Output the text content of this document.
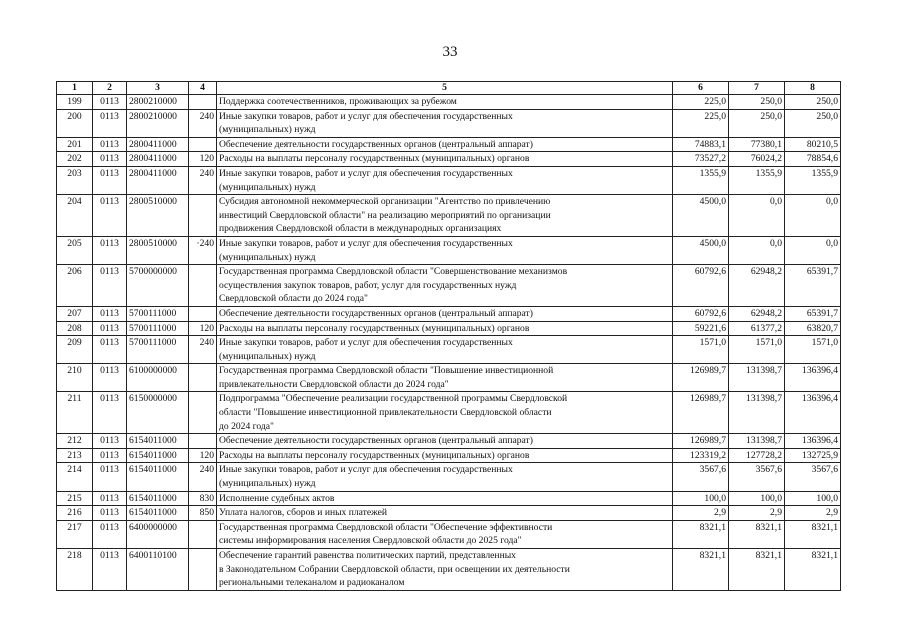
33
1	2	3	4	5	6	7	8
199	0113	2800210000		Поддержка соотечественников, проживающих за рубежом	225,0	250,0	250,0
200	0113	2800210000	240	Иные закупки товаров, работ и услуг для обеспечения государственных
(муниципальных) нужд	225,0	250,0	250,0
201	0113	2800411000		Обеспечение деятельности государственных органов (центральный аппарат)	74883,1	77380,1	80210,5
202	0113	2800411000	120	Расходы на выплаты персоналу государственных (муниципальных) органов	73527,2	76024,2	78854,6
203	0113	2800411000	240	Иные закупки товаров, работ и услуг для обеспечения государственных
(муниципальных) нужд	1355,9	1355,9	1355,9
204	0113	2800510000		Субсидия автономной некоммерческой организации "Агентство по привлечению
инвестиций Свердловской области" на реализацию мероприятий по организации
продвижения Свердловской области в международных организациях	4500,0	0,0	0,0
205	0113	2800510000	·240	Иные закупки товаров, работ и услуг для обеспечения государственных
(муниципальных) нужд	4500,0	0,0	0,0
206	0113	5700000000		Государственная программа Свердловской области "Совершенствование механизмов
осуществления закупок товаров, работ, услуг для государственных нужд
Свердловской области до 2024 года"	60792,6	62948,2	65391,7
207	0113	5700111000		Обеспечение деятельности государственных органов (центральный аппарат)	60792,6	62948,2	65391,7
208	0113	5700111000	120	Расходы на выплаты персоналу государственных (муниципальных) органов	59221,6	61377,2	63820,7
209	0113	5700111000	240	Иные закупки товаров, работ и услуг для обеспечения государственных
(муниципальных) нужд	1571,0	1571,0	1571,0
210	0113	6100000000		Государственная программа Свердловской области "Повышение инвестиционной
привлекательности Свердловской области до 2024 года"	126989,7	131398,7	136396,4
211	0113	6150000000		Подпрограмма "Обеспечение реализации государственной программы Свердловской
области "Повышение инвестиционной привлекательности Свердловской области
до 2024 года"	126989,7	131398,7	136396,4
212	0113	6154011000		Обеспечение деятельности государственных органов (центральный аппарат)	126989,7	131398,7	136396,4
213	0113	6154011000	120	Расходы на выплаты персоналу государственных (муниципальных) органов	123319,2	127728,2	132725,9
214	0113	6154011000	240	Иные закупки товаров, работ и услуг для обеспечения государственных
(муниципальных) нужд	3567,6	3567,6	3567,6
215	0113	6154011000	830	Исполнение судебных актов	100,0	100,0	100,0
216	0113	6154011000	850	Уплата налогов, сборов и иных платежей	2,9	2,9	2,9
217	0113	6400000000		Государственная программа Свердловской области "Обеспечение эффективности
системы информирования населения Свердловской области до 2025 года"	8321,1	8321,1	8321,1
218	0113	6400110100		Обеспечение гарантий равенства политических партий, представленных
в Законодательном Собрании Свердловской области, при освещении их деятельности
региональными телеканалом и радиоканалом	8321,1	8321,1	8321,1
